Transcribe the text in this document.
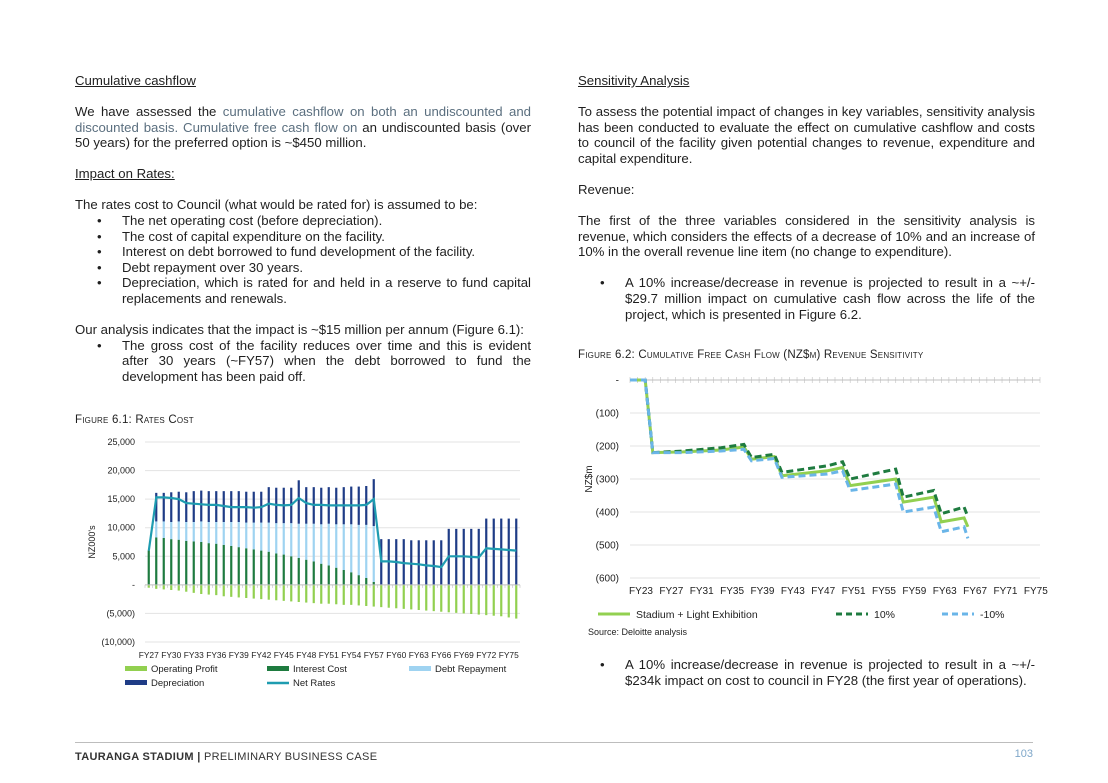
Cumulative cashflow

We have assessed the cumulative cashflow on both an undiscounted and discounted basis. Cumulative free cash flow on an undiscounted basis (over 50 years) for the preferred option is ~$450 million.

Impact on Rates:

The rates cost to Council (what would be rated for) is assumed to be:

• The net operating cost (before depreciation).
• The cost of capital expenditure on the facility.
• Interest on debt borrowed to fund development of the facility.
• Debt repayment over 30 years.
• Depreciation, which is rated for and held in a reserve to fund capital replacements and renewals.

Our analysis indicates that the impact is ~$15 million per annum (Figure 6.1):

• The gross cost of the facility reduces over time and this is evident after 30 years (~FY57) when the debt borrowed to fund the development has been paid off.

Figure 6.1: Rates Cost

25,000
20,000
15,000
10,000
5,000
-
(5,000)
(10,000)
NZ000's
FY27 FY30 FY33 FY36 FY39 FY42 FY45 FY48 FY51 FY54 FY57 FY60 FY63 FY66 FY69 FY72 FY75
Operating Profit	Interest Cost	Debt Repayment
Depreciation	Net Rates

Sensitivity Analysis

To assess the potential impact of changes in key variables, sensitivity analysis has been conducted to evaluate the effect on cumulative cashflow and costs to council of the facility given potential changes to revenue, expenditure and capital expenditure.

Revenue:

The first of the three variables considered in the sensitivity analysis is revenue, which considers the effects of a decrease of 10% and an increase of 10% in the overall revenue line item (no change to expenditure).

• A 10% increase/decrease in revenue is projected to result in a ~+/- $29.7 million impact on cumulative cash flow across the life of the project, which is presented in Figure 6.2.

Figure 6.2: Cumulative Free Cash Flow (NZ$m) Revenue Sensitivity

-
(100)
(200)
(300)
(400)
(500)
(600)
NZ$m
FY23 FY27 FY31 FY35 FY39 FY43 FY47 FY51 FY55 FY59 FY63 FY67 FY71 FY75
Stadium + Light Exhibition	10%	-10%
Source: Deloitte analysis
• A 10% increase/decrease in revenue is projected to result in a ~+/- $234k impact on cost to council in FY28 (the first year of operations).
TAURANGA STADIUM | PRELIMINARY BUSINESS CASE	103
